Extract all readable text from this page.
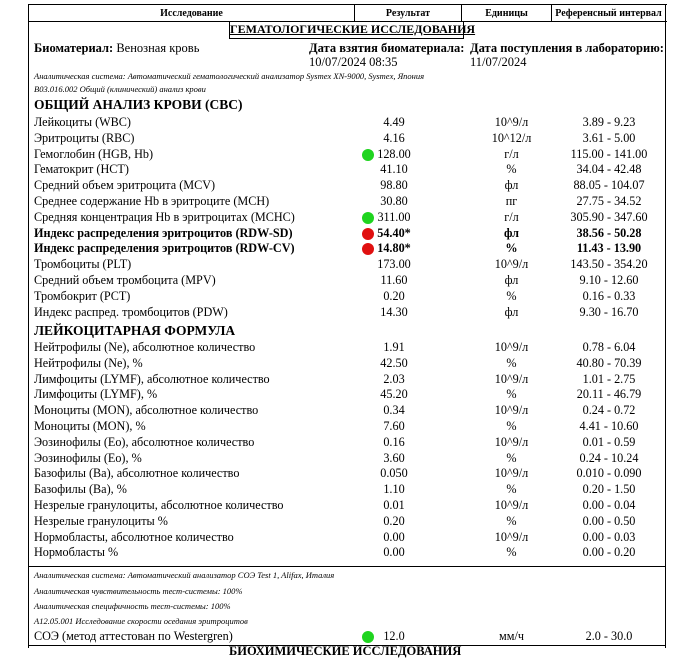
Исследование	Результат	Единицы	Референсный интервал
ГЕМАТОЛОГИЧЕСКИЕ ИССЛЕДОВАНИЯ
Биоматериал: Венозная кровь	Дата взятия биоматериала:
10/07/2024 08:35
Дата поступления в лабораторию:
11/07/2024
Аналитическая система: Автоматический гематологический анализатор Sysmex XN-9000, Sysmex, Япония
B03.016.002 Общий (клинический) анализ крови
ОБЩИЙ АНАЛИЗ КРОВИ (CBC)
Лейкоциты (WBC)	4.49	10^9/л	3.89 - 9.23
Эритроциты (RBC)	4.16	10^12/л	3.61 - 5.00
Гемоглобин (HGB, Hb)	128.00	г/л	115.00 - 141.00
Гематокрит (HCT)	41.10	%	34.04 - 42.48
Средний объем эритроцита (MCV)	98.80	фл	88.05 - 104.07
Среднее содержание Hb в эритроците (MCH)	30.80	пг	27.75 - 34.52
Средняя концентрация Hb в эритроцитах (MCHC)	311.00	г/л	305.90 - 347.60
Индекс распределения эритроцитов (RDW-SD)	54.40*	фл	38.56 - 50.28
Индекс распределения эритроцитов (RDW-CV)	14.80*	%	11.43 - 13.90
Тромбоциты (PLT)	173.00	10^9/л	143.50 - 354.20
Средний объем тромбоцита (MPV)	11.60	фл	9.10 - 12.60
Тромбокрит (PCT)	0.20	%	0.16 - 0.33
Индекс распред. тромбоцитов (PDW)	14.30	фл	9.30 - 16.70
ЛЕЙКОЦИТАРНАЯ ФОРМУЛА
Нейтрофилы (Ne), абсолютное количество	1.91	10^9/л	0.78 - 6.04
Нейтрофилы (Ne), %	42.50	%	40.80 - 70.39
Лимфоциты (LYMF), абсолютное количество	2.03	10^9/л	1.01 - 2.75
Лимфоциты (LYMF), %	45.20	%	20.11 - 46.79
Моноциты (MON), абсолютное количество	0.34	10^9/л	0.24 - 0.72
Моноциты (MON), %	7.60	%	4.41 - 10.60
Эозинофилы (Eo), абсолютное количество	0.16	10^9/л	0.01 - 0.59
Эозинофилы (Eo), %	3.60	%	0.24 - 10.24
Базофилы (Ba), абсолютное количество	0.050	10^9/л	0.010 - 0.090
Базофилы (Ba), %	1.10	%	0.20 - 1.50
Незрелые гранулоциты, абсолютное количество	0.01	10^9/л	0.00 - 0.04
Незрелые гранулоциты %	0.20	%	0.00 - 0.50
Нормобласты, абсолютное количество	0.00	10^9/л	0.00 - 0.03
Нормобласты %	0.00	%	0.00 - 0.20
Аналитическая система: Автоматический анализатор СОЭ Test 1, Alifax, Италия
Аналитическая чувствительность тест-системы: 100%
Аналитическая специфичность тест-системы: 100%
A12.05.001 Исследование скорости оседания эритроцитов
СОЭ (метод аттестован по Westergren)	12.0	мм/ч	2.0 - 30.0
БИОХИМИЧЕСКИЕ ИССЛЕДОВАНИЯ
